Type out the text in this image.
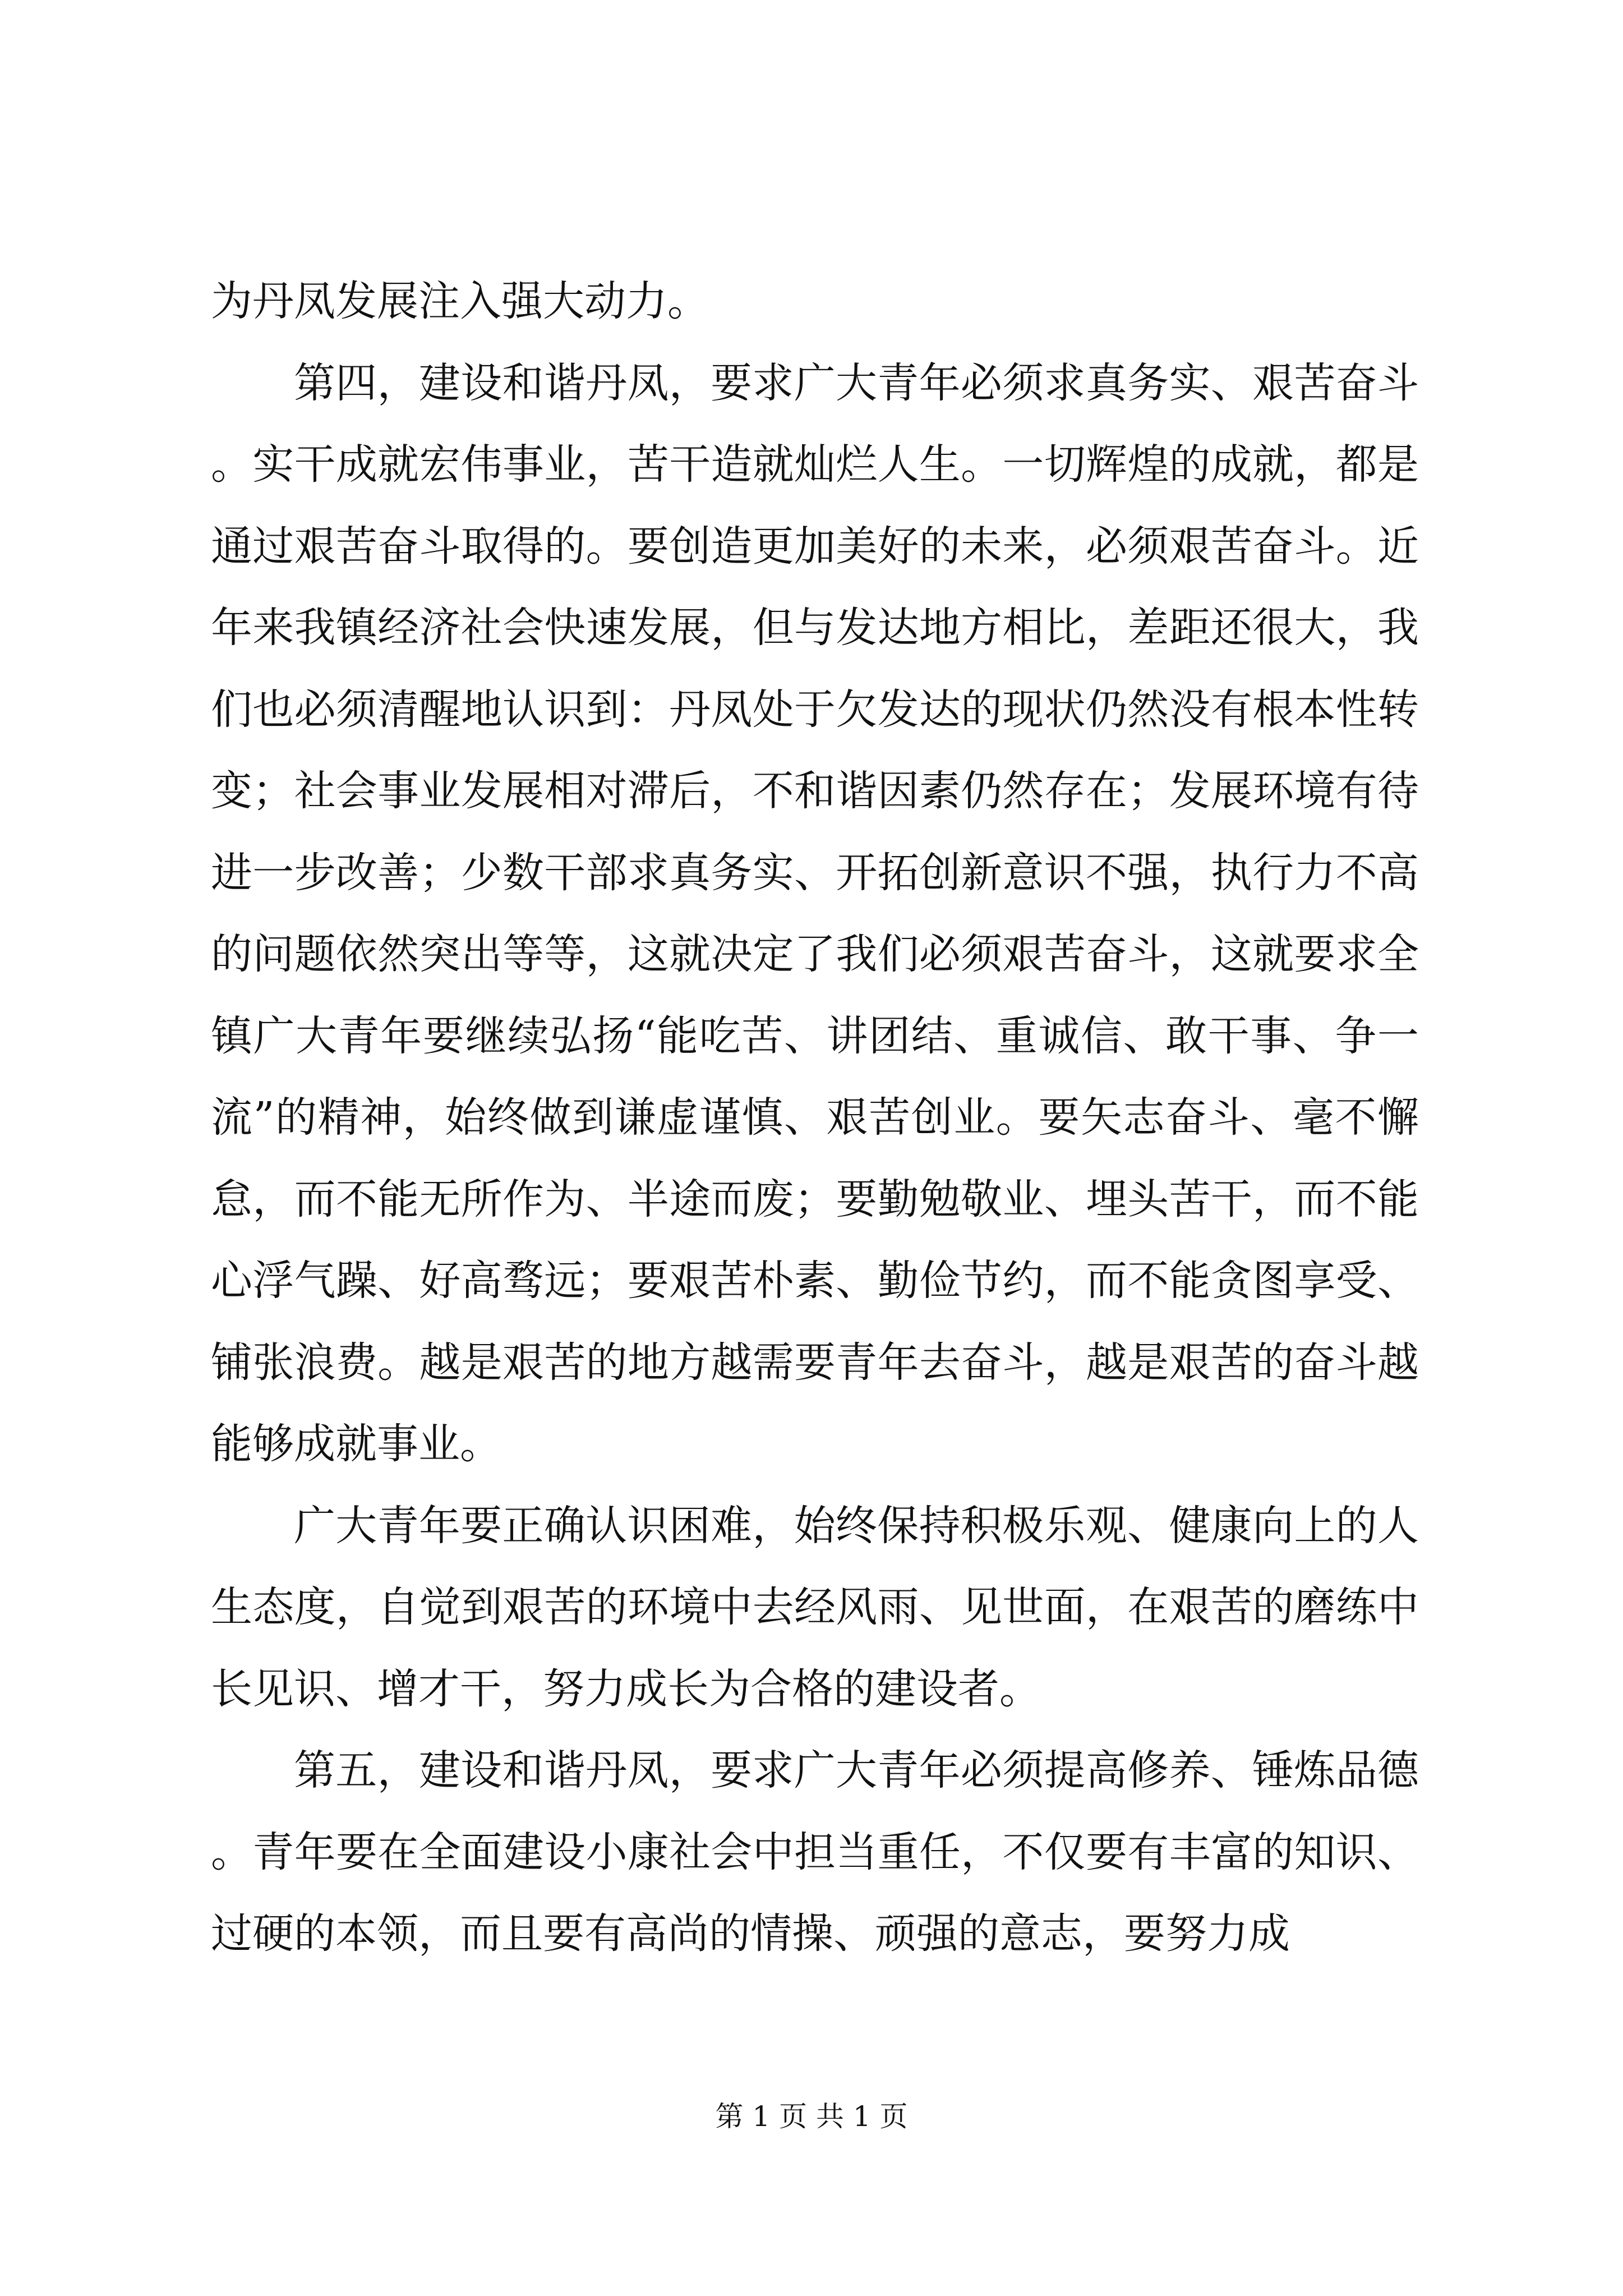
为丹凤发展注入强大动力。

第四，建设和谐丹凤，要求广大青年必须求真务实、艰苦奋斗。实干成就宏伟事业，苦干造就灿烂人生。一切辉煌的成就，都是通过艰苦奋斗取得的。要创造更加美好的未来，必须艰苦奋斗。近年来我镇经济社会快速发展，但与发达地方相比，差距还很大，我们也必须清醒地认识到：丹凤处于欠发达的现状仍然没有根本性转变；社会事业发展相对滞后，不和谐因素仍然存在；发展环境有待进一步改善；少数干部求真务实、开拓创新意识不强，执行力不高的问题依然突出等等，这就决定了我们必须艰苦奋斗，这就要求全镇广大青年要继续弘扬“能吃苦、讲团结、重诚信、敢干事、争一流”的精神，始终做到谦虚谨慎、艰苦创业。要矢志奋斗、毫不懈怠，而不能无所作为、半途而废；要勤勉敬业、埋头苦干，而不能心浮气躁、好高骛远；要艰苦朴素、勤俭节约，而不能贪图享受、铺张浪费。越是艰苦的地方越需要青年去奋斗，越是艰苦的奋斗越能够成就事业。

广大青年要正确认识困难，始终保持积极乐观、健康向上的人生态度，自觉到艰苦的环境中去经风雨、见世面，在艰苦的磨练中长见识、增才干，努力成长为合格的建设者。

第五，建设和谐丹凤，要求广大青年必须提高修养、锤炼品德。青年要在全面建设小康社会中担当重任，不仅要有丰富的知识、过硬的本领，而且要有高尚的情操、顽强的意志，要努力成

第 1 页 共 1 页
